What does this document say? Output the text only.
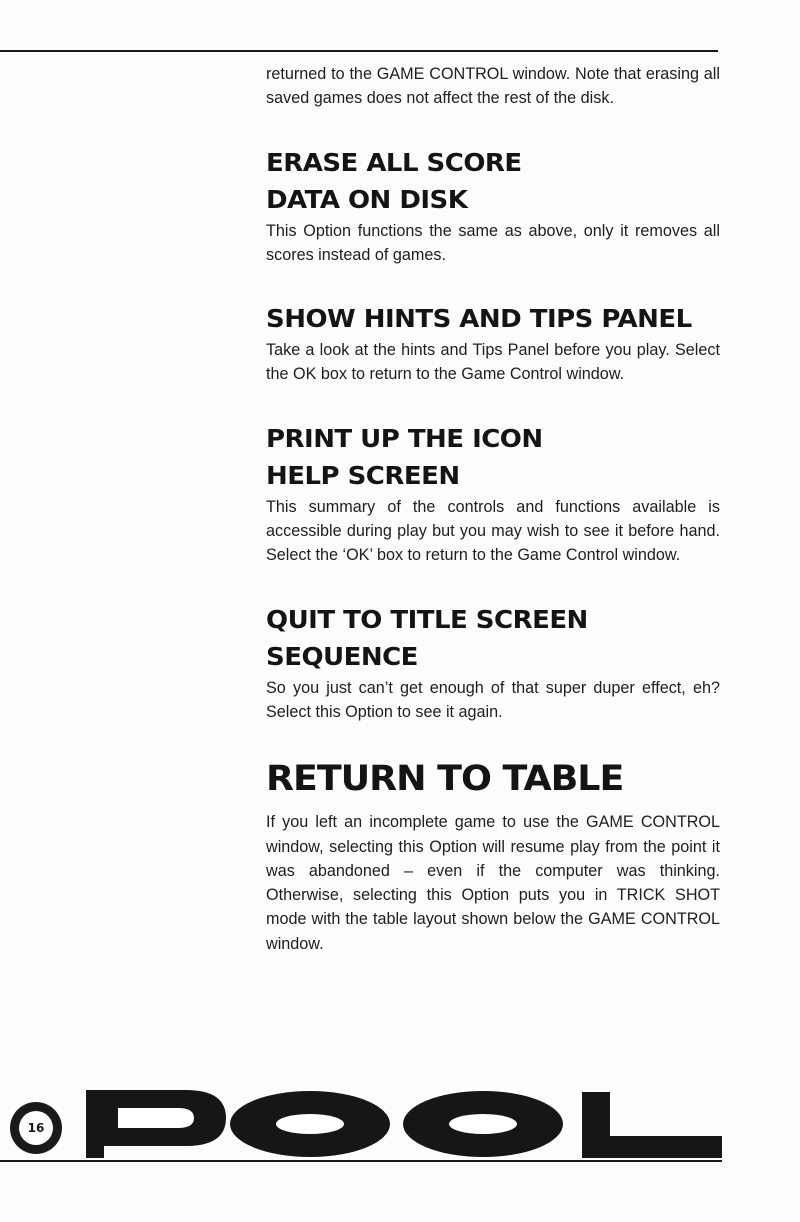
returned to the GAME CONTROL window. Note that erasing all saved games does not affect the rest of the disk.

ERASE ALL SCORE
DATA ON DISK

This Option functions the same as above, only it removes all scores instead of games.

SHOW HINTS AND TIPS PANEL

Take a look at the hints and Tips Panel before you play. Select the OK box to return to the Game Control window.

PRINT UP THE ICON
HELP SCREEN

This summary of the controls and functions available is accessible during play but you may wish to see it before hand. Select the ‘OK’ box to return to the Game Control window.

QUIT TO TITLE SCREEN
SEQUENCE

So you just can’t get enough of that super duper effect, eh? Select this Option to see it again.

RETURN TO TABLE

If you left an incomplete game to use the GAME CONTROL window, selecting this Option will resume play from the point it was abandoned – even if the computer was thinking. Otherwise, selecting this Option puts you in TRICK SHOT mode with the table layout shown below the GAME CONTROL window.

16
